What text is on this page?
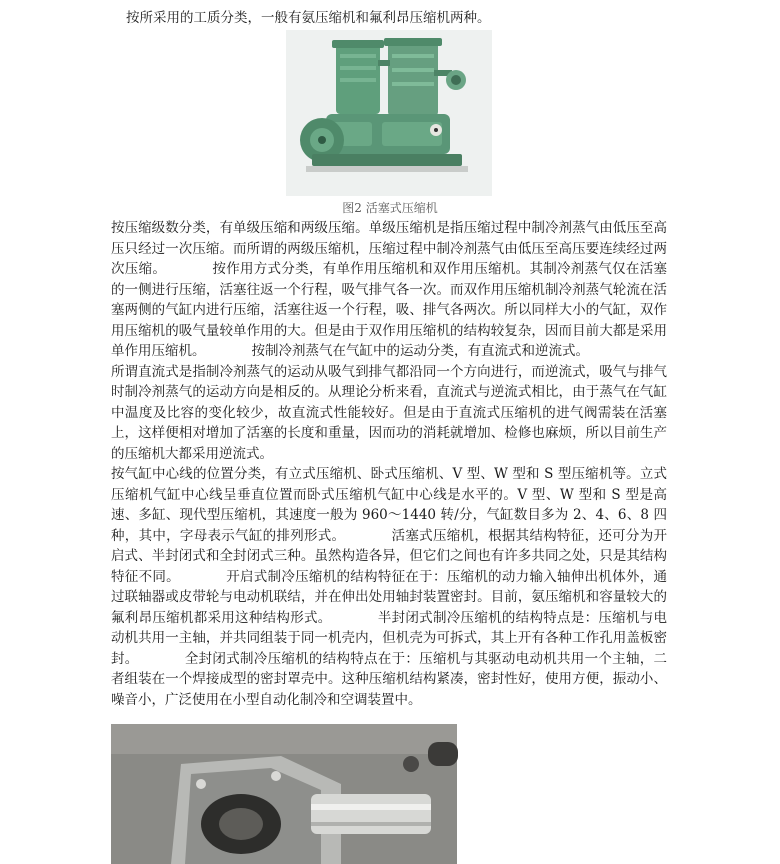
按所采用的工质分类，一般有氨压缩机和氟利昂压缩机两种。
图2 活塞式压缩机

按压缩级数分类，有单级压缩和两级压缩。单级压缩机是指压缩过程中制冷剂蒸气由低压至高压只经过一次压缩。而所谓的两级压缩机，压缩过程中制冷剂蒸气由低压至高压要连续经过两次压缩。	按作用方式分类，有单作用压缩机和双作用压缩机。其制冷剂蒸气仅在活塞的一侧进行压缩，活塞往返一个行程，吸气排气各一次。而双作用压缩机制冷剂蒸气轮流在活塞两侧的气缸内进行压缩，活塞往返一个行程，吸、排气各两次。所以同样大小的气缸，双作用压缩机的吸气量较单作用的大。但是由于双作用压缩机的结构较复杂，因而目前大都是采用单作用压缩机。	按制冷剂蒸气在气缸中的运动分类，有直流式和逆流式。

所谓直流式是指制冷剂蒸气的运动从吸气到排气都沿同一个方向进行，而逆流式，吸气与排气时制冷剂蒸气的运动方向是相反的。从理论分析来看，直流式与逆流式相比，由于蒸气在气缸中温度及比容的变化较少，故直流式性能较好。但是由于直流式压缩机的进气阀需装在活塞上，这样便相对增加了活塞的长度和重量，因而功的消耗就增加、检修也麻烦，所以目前生产的压缩机大都采用逆流式。

按气缸中心线的位置分类，有立式压缩机、卧式压缩机、V 型、W 型和 S 型压缩机等。立式压缩机气缸中心线呈垂直位置而卧式压缩机气缸中心线是水平的。V 型、W 型和 S 型是高速、多缸、现代型压缩机，其速度一般为 960～1440 转/分，气缸数目多为 2、4、6、8 四种，其中，字母表示气缸的排列形式。	活塞式压缩机，根据其结构特征，还可分为开启式、半封闭式和全封闭式三种。虽然构造各异，但它们之间也有许多共同之处，只是其结构特征不同。	开启式制冷压缩机的结构特征在于：压缩机的动力输入轴伸出机体外，通过联轴器或皮带轮与电动机联结，并在伸出处用轴封装置密封。目前，氨压缩机和容量较大的氟利昂压缩机都采用这种结构形式。	半封闭式制冷压缩机的结构特点是：压缩机与电动机共用一主轴，并共同组装于同一机壳内，但机壳为可拆式，其上开有各种工作孔用盖板密封。	全封闭式制冷压缩机的结构特点在于：压缩机与其驱动电动机共用一个主轴，二者组装在一个焊接成型的密封罩壳中。这种压缩机结构紧凑，密封性好，使用方便，振动小、噪音小，广泛使用在小型自动化制冷和空调装置中。
